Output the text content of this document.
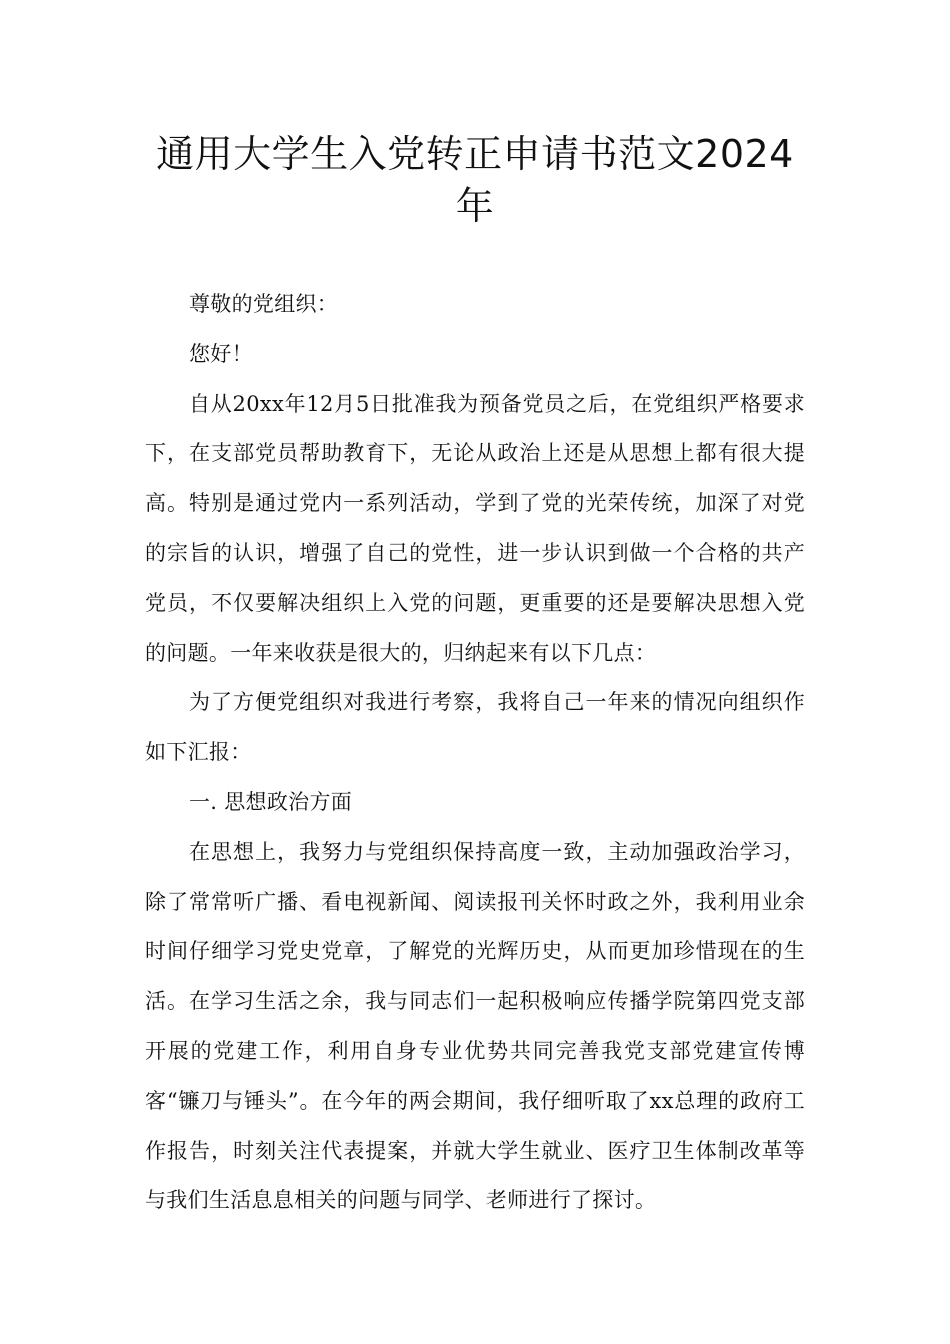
通用大学生入党转正申请书范文2024年

尊敬的党组织：

您好！

自从20xx年12月5日批准我为预备党员之后，在党组织严格要求下，在支部党员帮助教育下，无论从政治上还是从思想上都有很大提高。特别是通过党内一系列活动，学到了党的光荣传统，加深了对党的宗旨的认识，增强了自己的党性，进一步认识到做一个合格的共产党员，不仅要解决组织上入党的问题，更重要的还是要解决思想入党的问题。一年来收获是很大的，归纳起来有以下几点：

为了方便党组织对我进行考察，我将自己一年来的情况向组织作如下汇报：

一. 思想政治方面

在思想上，我努力与党组织保持高度一致，主动加强政治学习，除了常常听广播、看电视新闻、阅读报刊关怀时政之外，我利用业余时间仔细学习党史党章，了解党的光辉历史，从而更加珍惜现在的生活。在学习生活之余，我与同志们一起积极响应传播学院第四党支部开展的党建工作，利用自身专业优势共同完善我党支部党建宣传博客“镰刀与锤头”。在今年的两会期间，我仔细听取了xx总理的政府工作报告，时刻关注代表提案，并就大学生就业、医疗卫生体制改革等与我们生活息息相关的问题与同学、老师进行了探讨。
